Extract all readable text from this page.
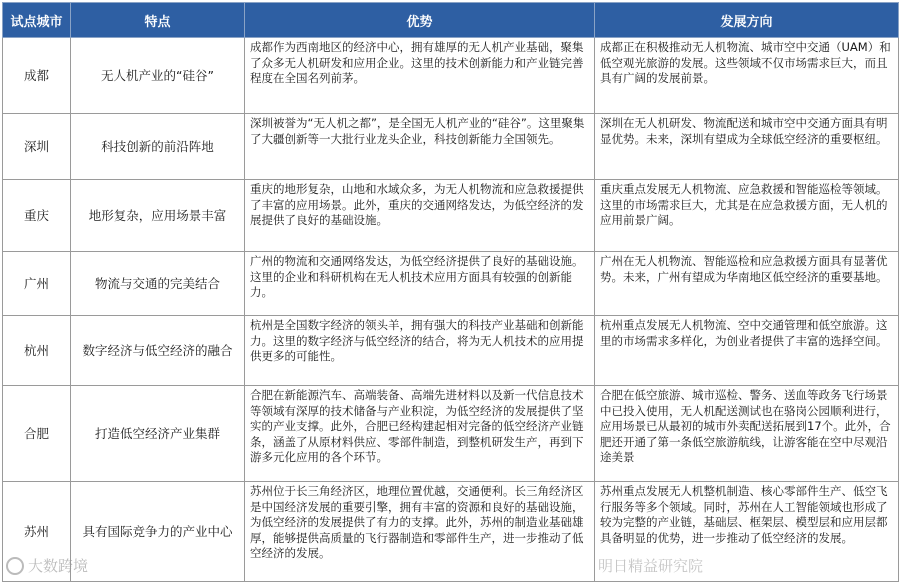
试点城市	特点	优势	发展方向
成都	无人机产业的“硅谷”	成都作为西南地区的经济中心，拥有雄厚的无人机产业基础，聚集了众多无人机研发和应用企业。这里的技术创新能力和产业链完善程度在全国名列前茅。	成都正在积极推动无人机物流、城市空中交通（UAM）和低空观光旅游的发展。这些领域不仅市场需求巨大，而且具有广阔的发展前景。
深圳	科技创新的前沿阵地	深圳被誉为“无人机之都”，是全国无人机产业的“硅谷”。这里聚集了大疆创新等一大批行业龙头企业，科技创新能力全国领先。	深圳在无人机研发、物流配送和城市空中交通方面具有明显优势。未来，深圳有望成为全球低空经济的重要枢纽。
重庆	地形复杂，应用场景丰富	重庆的地形复杂，山地和水域众多，为无人机物流和应急救援提供了丰富的应用场景。此外，重庆的交通网络发达，为低空经济的发展提供了良好的基础设施。	重庆重点发展无人机物流、应急救援和智能巡检等领域。这里的市场需求巨大，尤其是在应急救援方面，无人机的应用前景广阔。
广州	物流与交通的完美结合	广州的物流和交通网络发达，为低空经济提供了良好的基础设施。这里的企业和科研机构在无人机技术应用方面具有较强的创新能力。	广州在无人机物流、智能巡检和应急救援方面具有显著优势。未来，广州有望成为华南地区低空经济的重要基地。
杭州	数字经济与低空经济的融合	杭州是全国数字经济的领头羊，拥有强大的科技产业基础和创新能力。这里的数字经济与低空经济的结合，将为无人机技术的应用提供更多的可能性。	杭州重点发展无人机物流、空中交通管理和低空旅游。这里的市场需求多样化，为创业者提供了丰富的选择空间。
合肥	打造低空经济产业集群	合肥在新能源汽车、高端装备、高端先进材料以及新一代信息技术等领域有深厚的技术储备与产业积淀，为低空经济的发展提供了坚实的产业支撑。此外，合肥已经构建起相对完备的低空经济产业链条，涵盖了从原材料供应、零部件制造，到整机研发生产，再到下游多元化应用的各个环节。	合肥在低空旅游、城市巡检、警务、送血等政务飞行场景中已投入使用，无人机配送测试也在骆岗公园顺利进行，应用场景已从最初的城市外卖配送拓展到17个。此外，合肥还开通了第一条低空旅游航线，让游客能在空中尽观沿途美景
苏州	具有国际竞争力的产业中心	苏州位于长三角经济区，地理位置优越，交通便利。长三角经济区是中国经济发展的重要引擎，拥有丰富的资源和良好的基础设施，为低空经济的发展提供了有力的支撑。此外，苏州的制造业基础雄厚，能够提供高质量的飞行器制造和零部件生产，进一步推动了低空经济的发展。	苏州重点发展无人机整机制造、核心零部件生产、低空飞行服务等多个领域。同时，苏州在人工智能领域也形成了较为完整的产业链，基础层、框架层、模型层和应用层都具备明显的优势，进一步推动了低空经济的发展。
大数跨境	明日精益研究院
